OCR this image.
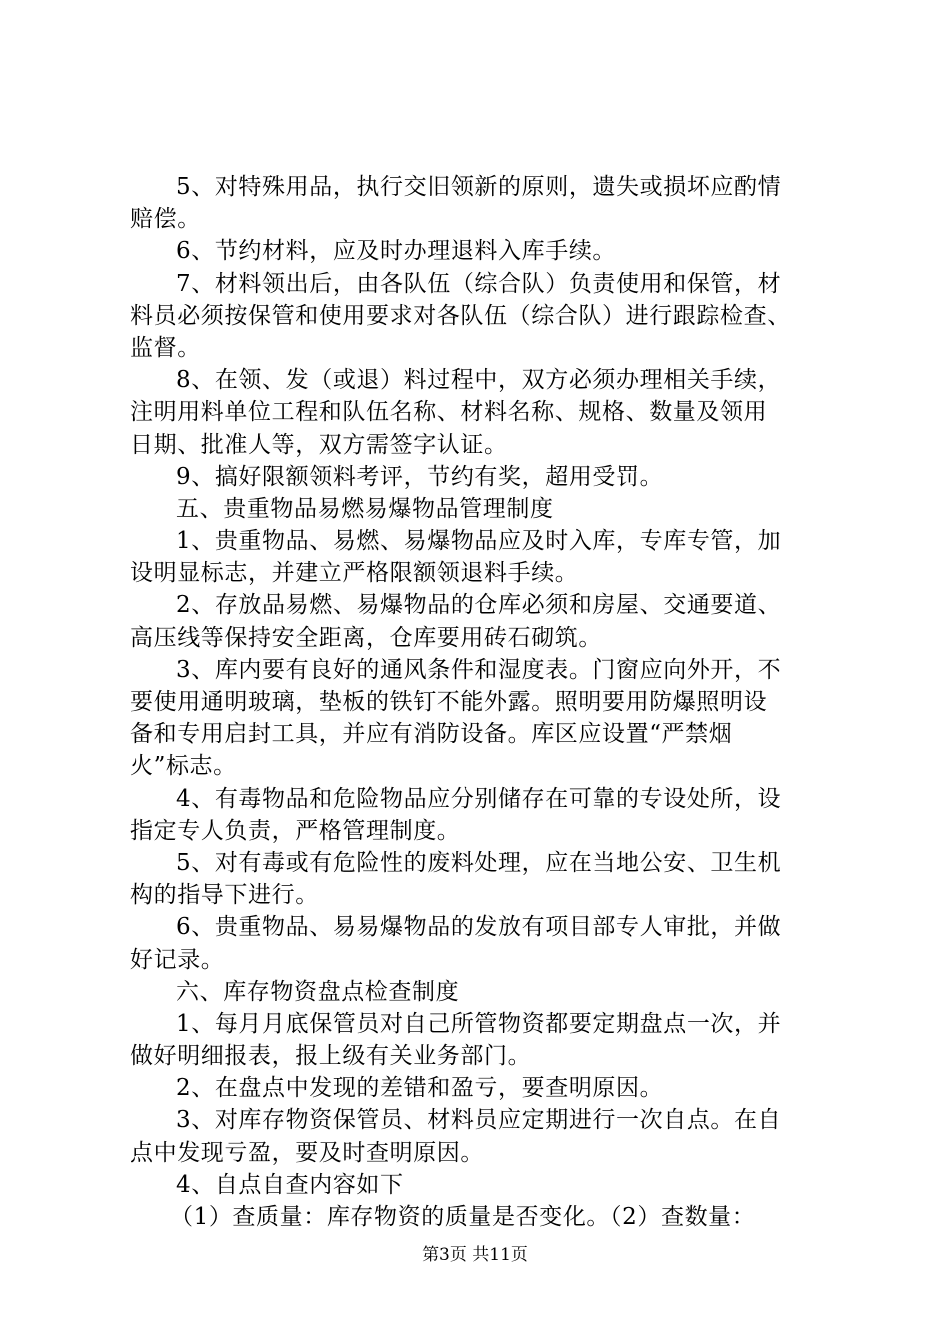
5、对特殊用品，执行交旧领新的原则，遗失或损坏应酌情
赔偿。
6、节约材料，应及时办理退料入库手续。
7、材料领出后，由各队伍（综合队）负责使用和保管，材
料员必须按保管和使用要求对各队伍（综合队）进行跟踪检查、
监督。
8、在领、发（或退）料过程中，双方必须办理相关手续，
注明用料单位工程和队伍名称、材料名称、规格、数量及领用
日期、批准人等，双方需签字认证。
9、搞好限额领料考评，节约有奖，超用受罚。
五、贵重物品易燃易爆物品管理制度
1、贵重物品、易燃、易爆物品应及时入库，专库专管，加
设明显标志，并建立严格限额领退料手续。
2、存放品易燃、易爆物品的仓库必须和房屋、交通要道、
高压线等保持安全距离，仓库要用砖石砌筑。
3、库内要有良好的通风条件和湿度表。门窗应向外开，不
要使用通明玻璃，垫板的铁钉不能外露。照明要用防爆照明设
备和专用启封工具，并应有消防设备。库区应设置“严禁烟
火”标志。
4、有毒物品和危险物品应分别储存在可靠的专设处所，设
指定专人负责，严格管理制度。
5、对有毒或有危险性的废料处理，应在当地公安、卫生机
构的指导下进行。
6、贵重物品、易易爆物品的发放有项目部专人审批，并做
好记录。
六、库存物资盘点检查制度
1、每月月底保管员对自己所管物资都要定期盘点一次，并
做好明细报表，报上级有关业务部门。
2、在盘点中发现的差错和盈亏，要查明原因。
3、对库存物资保管员、材料员应定期进行一次自点。在自
点中发现亏盈，要及时查明原因。
4、自点自查内容如下
（1）查质量：库存物资的质量是否变化。（2）查数量：
第3页 共11页
